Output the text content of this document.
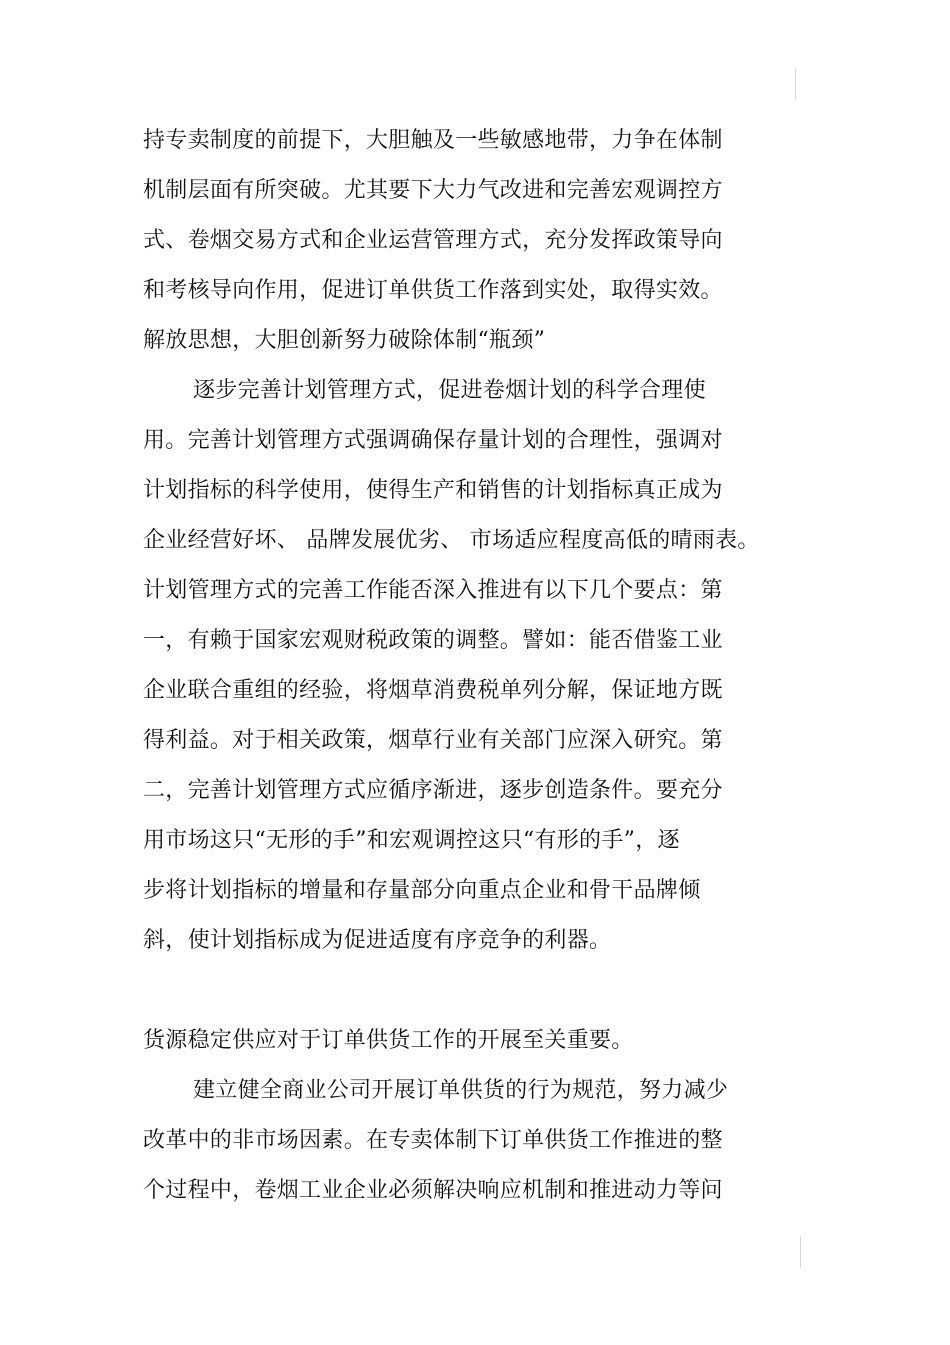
持专卖制度的前提下，大胆触及一些敏感地带，力争在体制
机制层面有所突破。尤其要下大力气改进和完善宏观调控方
式、卷烟交易方式和企业运营管理方式，充分发挥政策导向
和考核导向作用，促进订单供货工作落到实处，取得实效。
解放思想，大胆创新努力破除体制“瓶颈”
逐步完善计划管理方式，促进卷烟计划的科学合理使
用。完善计划管理方式强调确保存量计划的合理性，强调对
计划指标的科学使用，使得生产和销售的计划指标真正成为
企业经营好坏、 品牌发展优劣、 市场适应程度高低的晴雨表。
计划管理方式的完善工作能否深入推进有以下几个要点：第
一，有赖于国家宏观财税政策的调整。譬如：能否借鉴工业
企业联合重组的经验，将烟草消费税单列分解，保证地方既
得利益。对于相关政策，烟草行业有关部门应深入研究。第
二，完善计划管理方式应循序渐进，逐步创造条件。要充分
用市场这只“无形的手”和宏观调控这只“有形的手”，逐
步将计划指标的增量和存量部分向重点企业和骨干品牌倾
斜，使计划指标成为促进适度有序竞争的利器。
货源稳定供应对于订单供货工作的开展至关重要。
建立健全商业公司开展订单供货的行为规范，努力减少
改革中的非市场因素。在专卖体制下订单供货工作推进的整
个过程中，卷烟工业企业必须解决响应机制和推进动力等问
